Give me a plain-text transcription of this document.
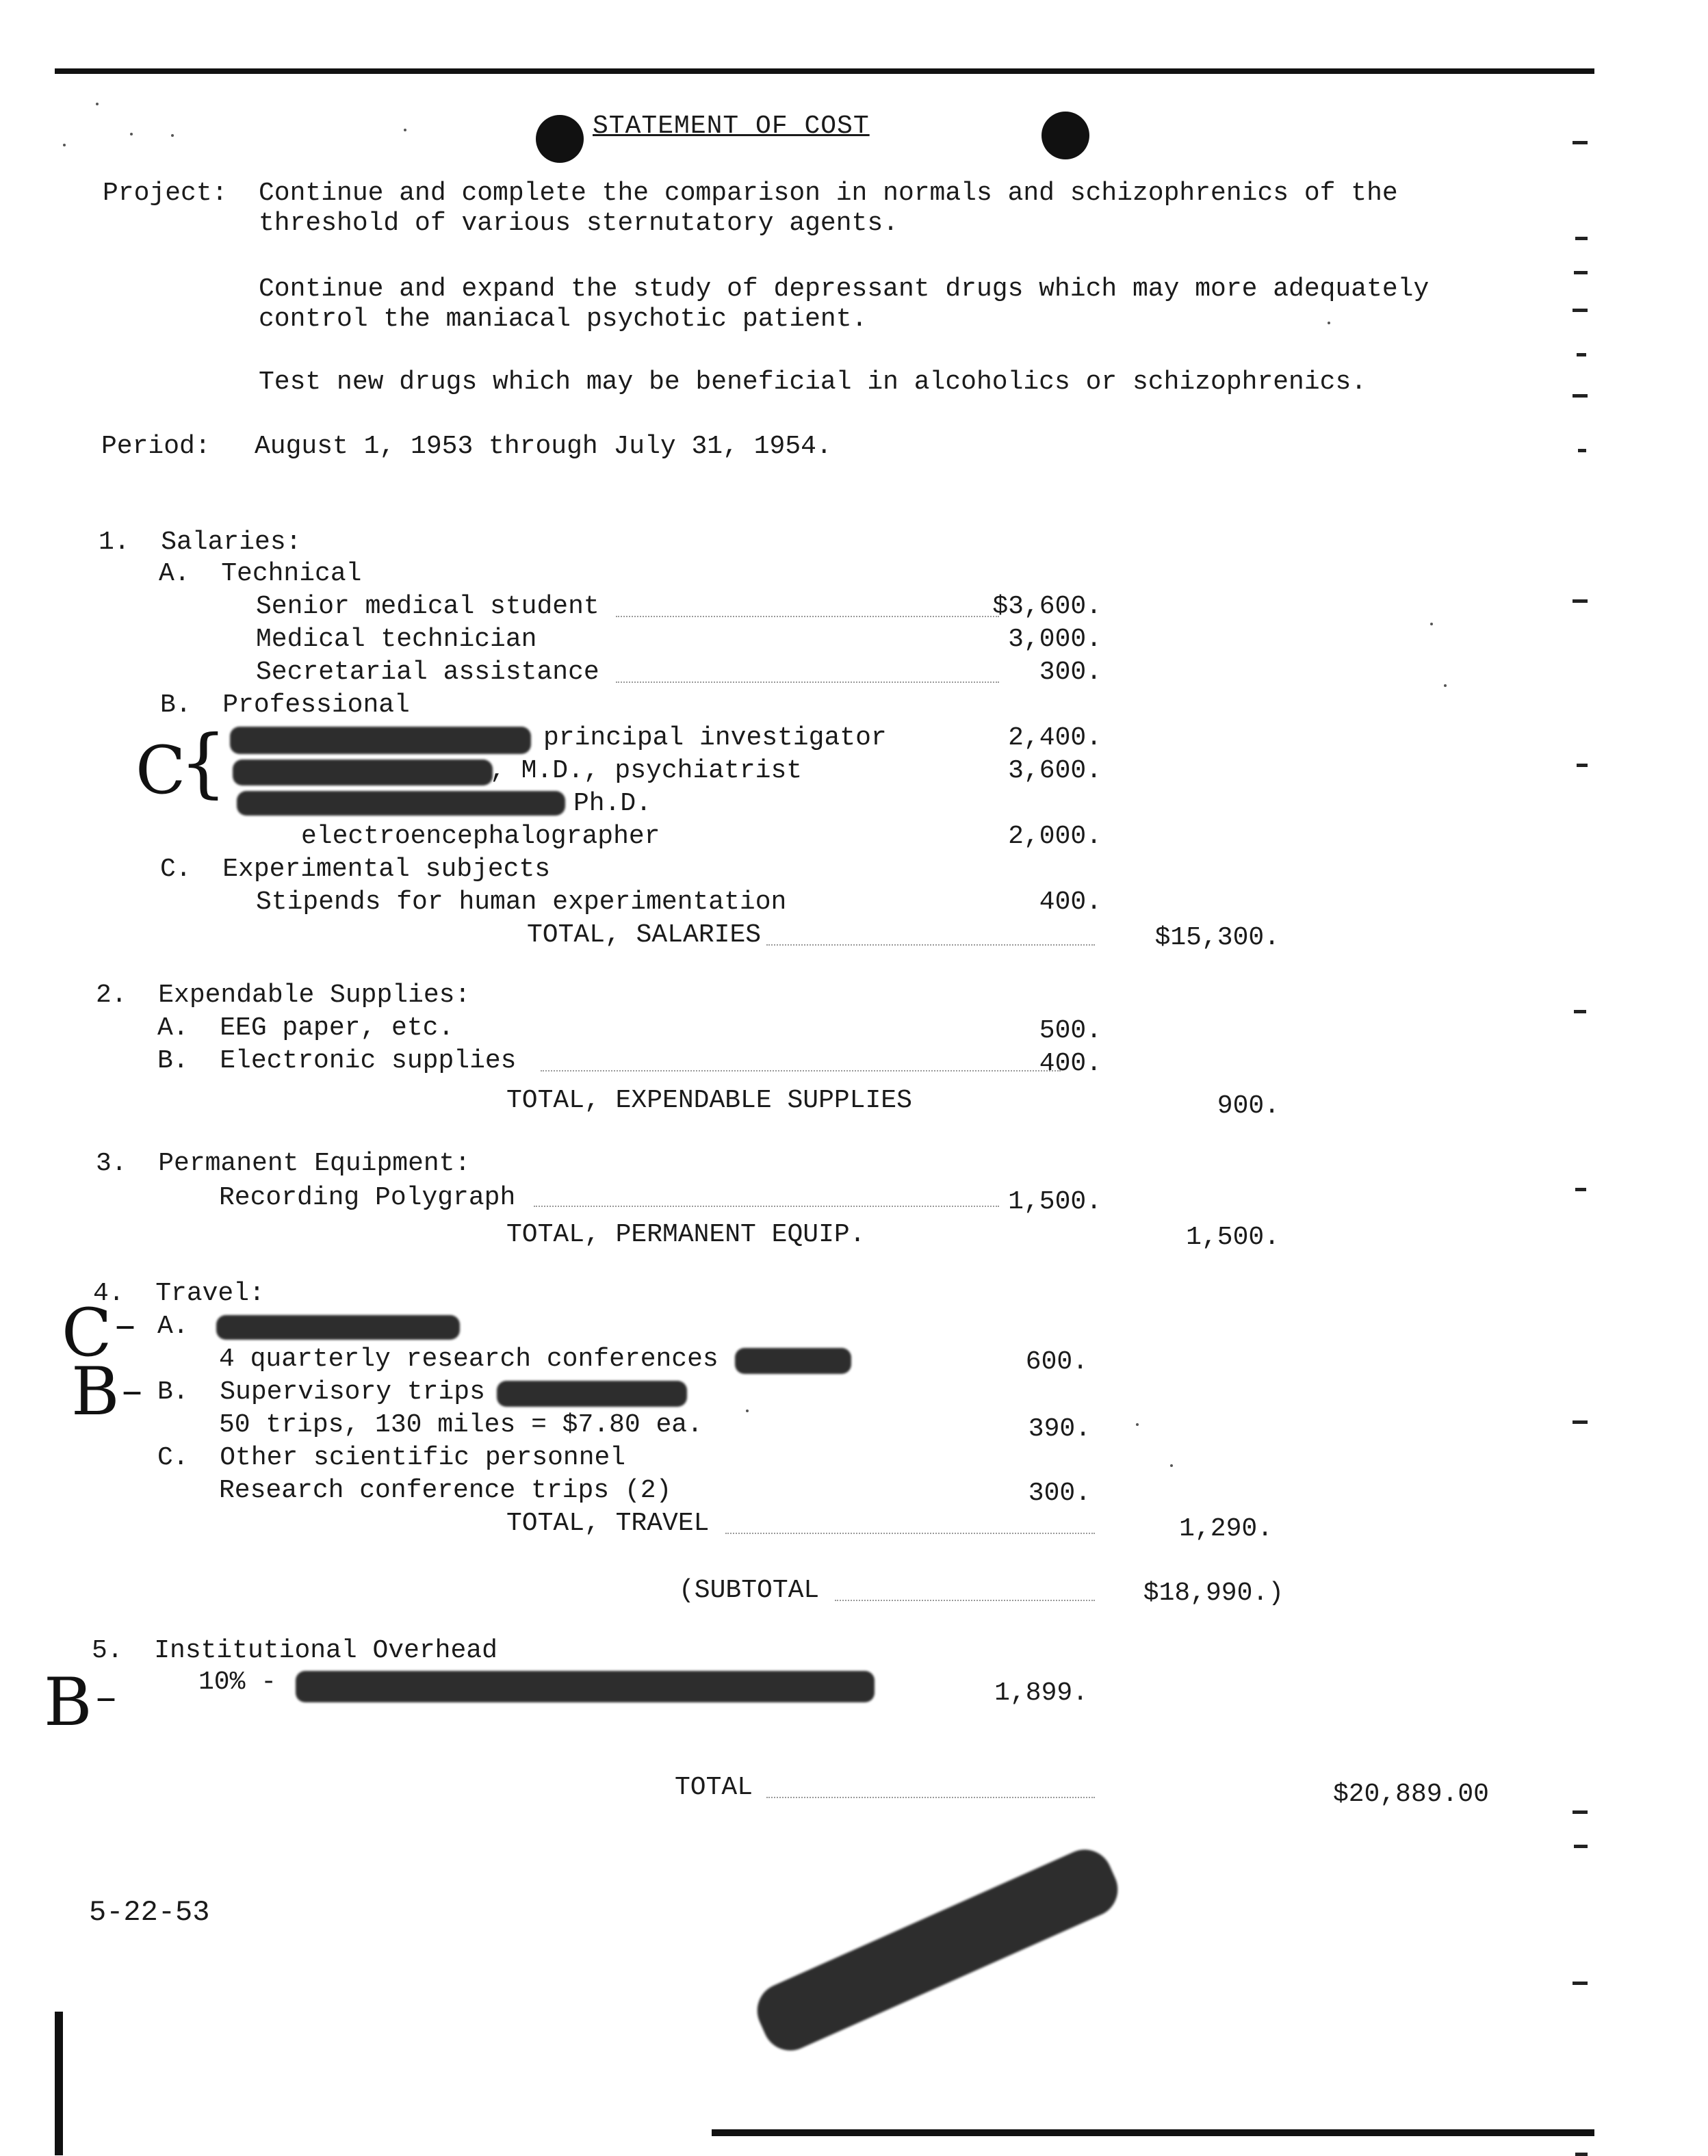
STATEMENT OF COST
Project: Continue and complete the comparison in normals and schizophrenics of the
threshold of various sternutatory agents.
Continue and expand the study of depressant drugs which may more adequately
control the maniacal psychotic patient.
Test new drugs which may be beneficial in alcoholics or schizophrenics.
Period: August 1, 1953 through July 31, 1954.
1.  Salaries:
A.  Technical
Senior medical student	$3,600.
Medical technician	3,000.
Secretarial assistance	300.
B.  Professional
principal investigator	2,400.
, M.D., psychiatrist	3,600.
Ph.D.
electroencephalographer	2,000.
C.  Experimental subjects
Stipends for human experimentation	400.
TOTAL, SALARIES	$15,300.
2.  Expendable Supplies:
A.  EEG paper, etc.	500.
B.  Electronic supplies	400.
TOTAL, EXPENDABLE SUPPLIES	900.
3.  Permanent Equipment:
Recording Polygraph	1,500.
TOTAL, PERMANENT EQUIP.	1,500.
4.  Travel:
A.
4 quarterly research conferences	600.
B.  Supervisory trips
50 trips, 130 miles = $7.80 ea.	390.
C.  Other scientific personnel
Research conference trips (2)	300.
TOTAL, TRAVEL	1,290.
(SUBTOTAL	$18,990.)
5.  Institutional Overhead
10% -	1,899.
TOTAL	$20,889.00
5-22-53
C
{
C –
B –
B –
